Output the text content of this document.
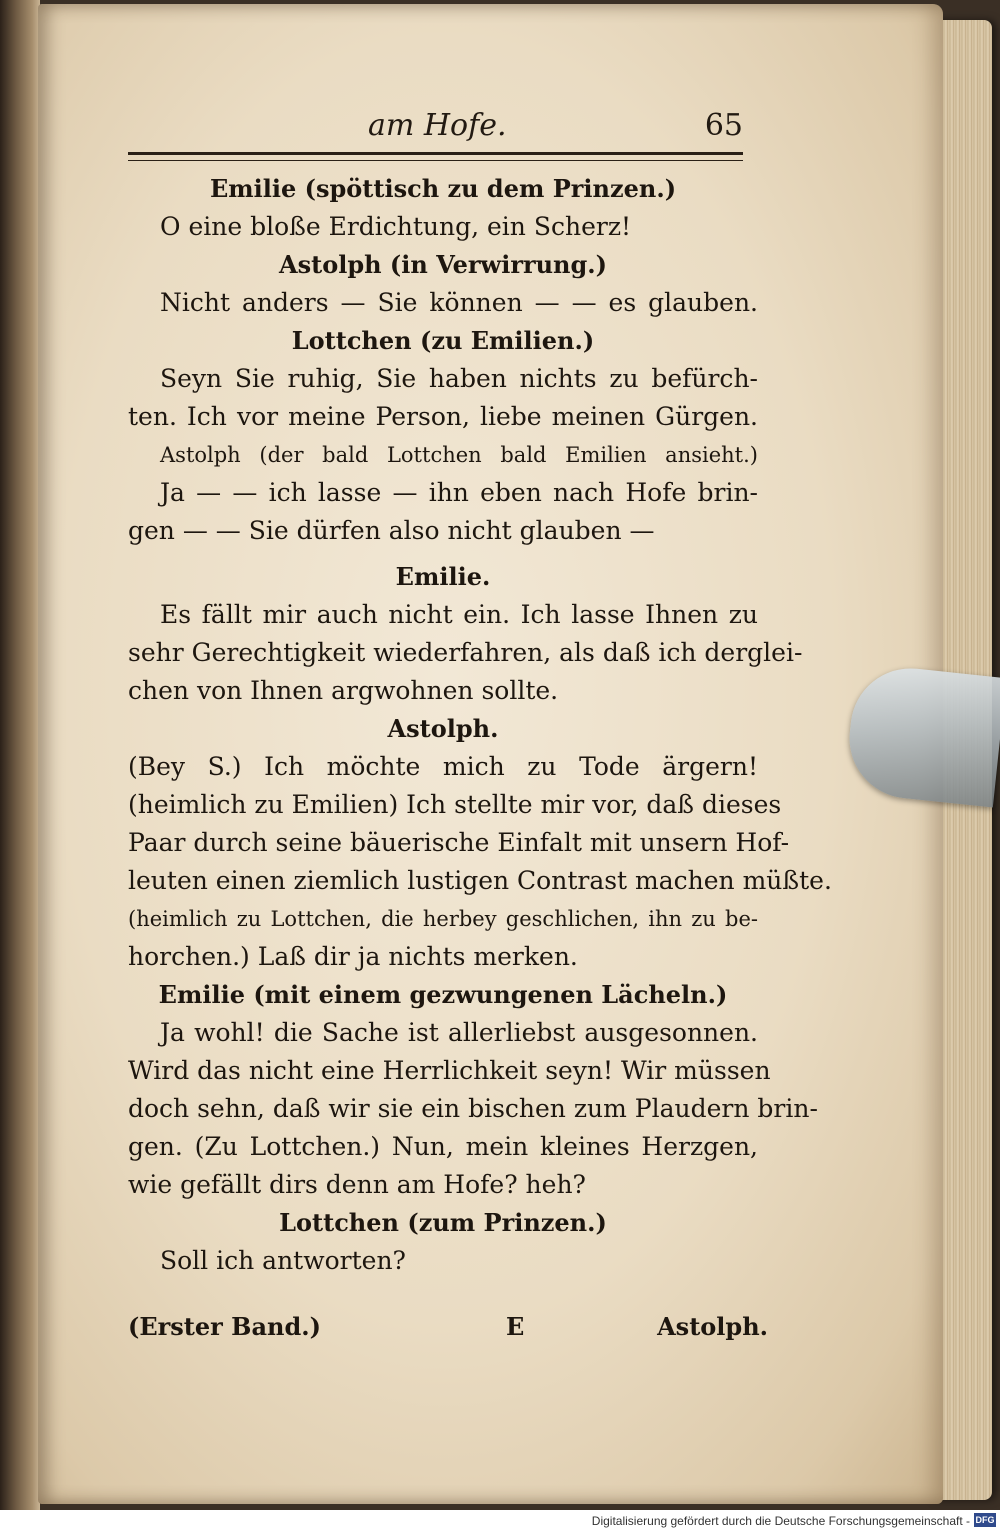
am Hofe.	65
Emilie (spöttisch zu dem Prinzen.)
O eine bloße Erdichtung, ein Scherz!
Astolph (in Verwirrung.)
Nicht anders — Sie können — — es glauben.
Lottchen (zu Emilien.)
Seyn Sie ruhig, Sie haben nichts zu befürch-
ten. Ich vor meine Person, liebe meinen Gürgen.
Astolph (der bald Lottchen bald Emilien ansieht.)
Ja — — ich lasse — ihn eben nach Hofe brin-
gen — — Sie dürfen also nicht glauben —
Emilie.
Es fällt mir auch nicht ein. Ich lasse Ihnen zu
sehr Gerechtigkeit wiederfahren, als daß ich derglei-
chen von Ihnen argwohnen sollte.
Astolph.
(Bey S.) Ich möchte mich zu Tode ärgern!
(heimlich zu Emilien) Ich stellte mir vor, daß dieses
Paar durch seine bäuerische Einfalt mit unsern Hof-
leuten einen ziemlich lustigen Contrast machen müßte.
(heimlich zu Lottchen, die herbey geschlichen, ihn zu be-
horchen.) Laß dir ja nichts merken.
Emilie (mit einem gezwungenen Lächeln.)
Ja wohl! die Sache ist allerliebst ausgesonnen.
Wird das nicht eine Herrlichkeit seyn! Wir müssen
doch sehn, daß wir sie ein bischen zum Plaudern brin-
gen. (Zu Lottchen.) Nun, mein kleines Herzgen,
wie gefällt dirs denn am Hofe? heh?
Lottchen (zum Prinzen.)
Soll ich antworten?
(Erster Band.)	E	Astolph.
Digitalisierung gefördert durch die Deutsche Forschungsgemeinschaft - DFG
